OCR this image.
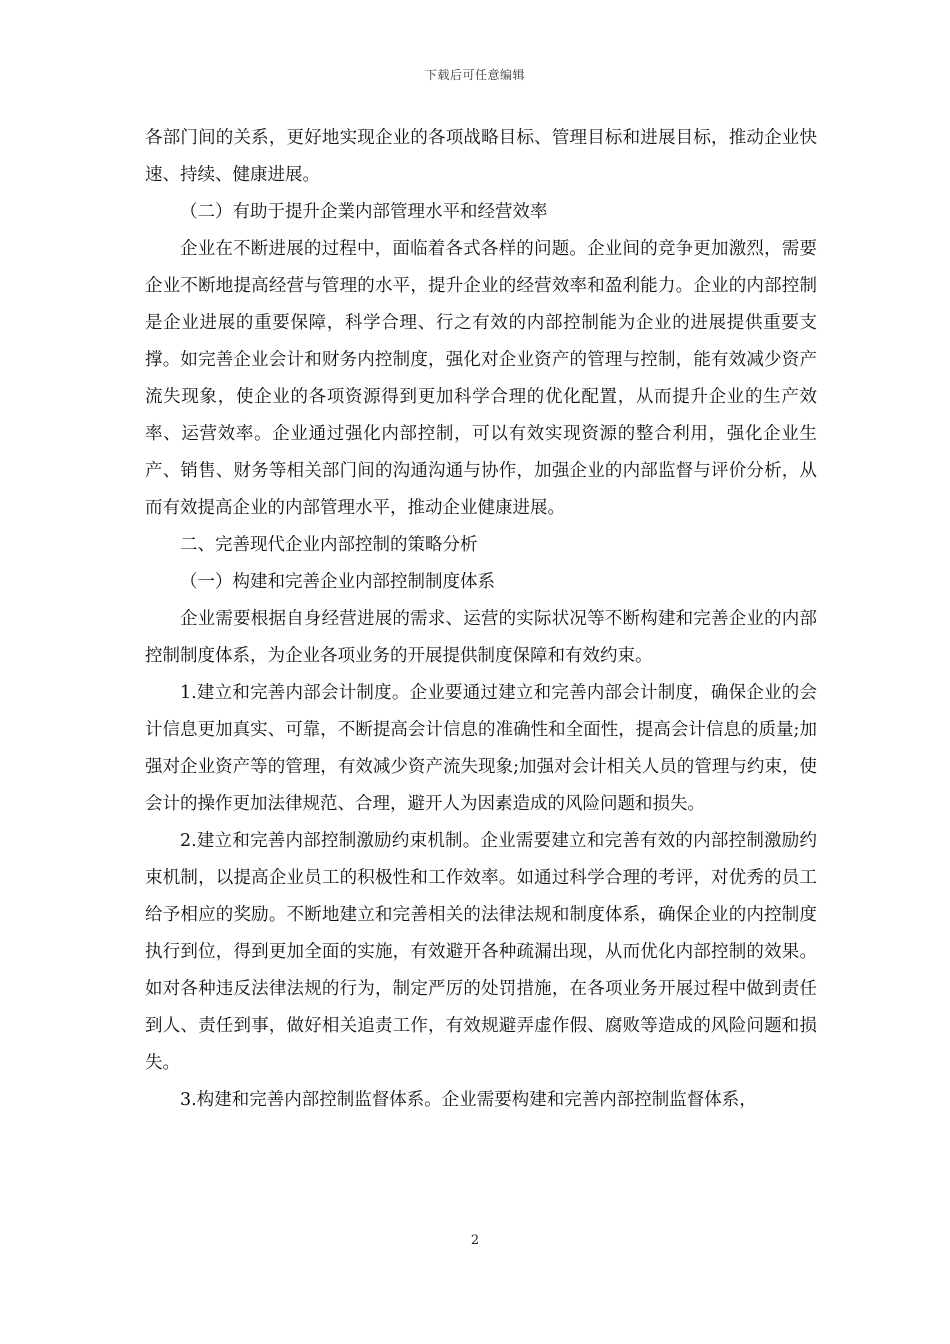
下载后可任意编辑

各部门间的关系，更好地实现企业的各项战略目标、管理目标和进展目标，推动企业快速、持续、健康进展。

（二）有助于提升企業内部管理水平和经营效率

企业在不断进展的过程中，面临着各式各样的问题。企业间的竞争更加激烈，需要企业不断地提高经营与管理的水平，提升企业的经营效率和盈利能力。企业的内部控制是企业进展的重要保障，科学合理、行之有效的内部控制能为企业的进展提供重要支撑。如完善企业会计和财务内控制度，强化对企业资产的管理与控制，能有效减少资产流失现象，使企业的各项资源得到更加科学合理的优化配置，从而提升企业的生产效率、运营效率。企业通过强化内部控制，可以有效实现资源的整合利用，强化企业生产、销售、财务等相关部门间的沟通沟通与协作，加强企业的内部监督与评价分析，从而有效提高企业的内部管理水平，推动企业健康进展。

二、完善现代企业内部控制的策略分析

（一）构建和完善企业内部控制制度体系

企业需要根据自身经营进展的需求、运营的实际状况等不断构建和完善企业的内部控制制度体系，为企业各项业务的开展提供制度保障和有效约束。

1.建立和完善内部会计制度。企业要通过建立和完善内部会计制度，确保企业的会计信息更加真实、可靠，不断提高会计信息的准确性和全面性，提高会计信息的质量;加强对企业资产等的管理，有效减少资产流失现象;加强对会计相关人员的管理与约束，使会计的操作更加法律规范、合理，避开人为因素造成的风险问题和损失。

2.建立和完善内部控制激励约束机制。企业需要建立和完善有效的内部控制激励约束机制，以提高企业员工的积极性和工作效率。如通过科学合理的考评，对优秀的员工给予相应的奖励。不断地建立和完善相关的法律法规和制度体系，确保企业的内控制度执行到位，得到更加全面的实施，有效避开各种疏漏出现，从而优化内部控制的效果。如对各种违反法律法规的行为，制定严厉的处罚措施，在各项业务开展过程中做到责任到人、责任到事，做好相关追责工作，有效规避弄虚作假、腐败等造成的风险问题和损失。

3.构建和完善内部控制监督体系。企业需要构建和完善内部控制监督体系，

2
